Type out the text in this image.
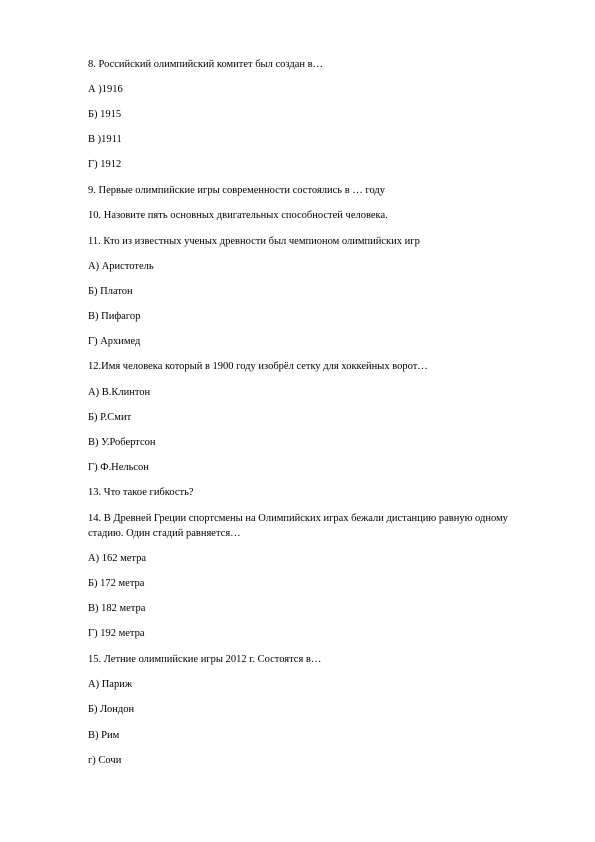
8. Российский олимпийский комитет был создан в…
А )1916
Б) 1915
В )1911
Г) 1912
9. Первые олимпийские игры современности состоялись в … году
10. Назовите пять основных двигательных способностей человека.
11. Кто из известных ученых древности был чемпионом олимпийских игр
А) Аристотель
Б) Платон
В) Пифагор
Г) Архимед
12.Имя человека который в 1900 году изобрёл сетку для хоккейных ворот…
А) В.Клинтон
Б) Р.Смит
В) У.Робертсон
Г) Ф.Нельсон
13. Что такое гибкость?
14. В Древней Греции спортсмены на Олимпийских играх бежали дистанцию равную одному стадию. Один стадий равняется…
А) 162 метра
Б) 172 метра
В) 182 метра
Г) 192 метра
15. Летние олимпийские игры 2012 г. Состоятся в…
А) Париж
Б) Лондон
В) Рим
г) Сочи
